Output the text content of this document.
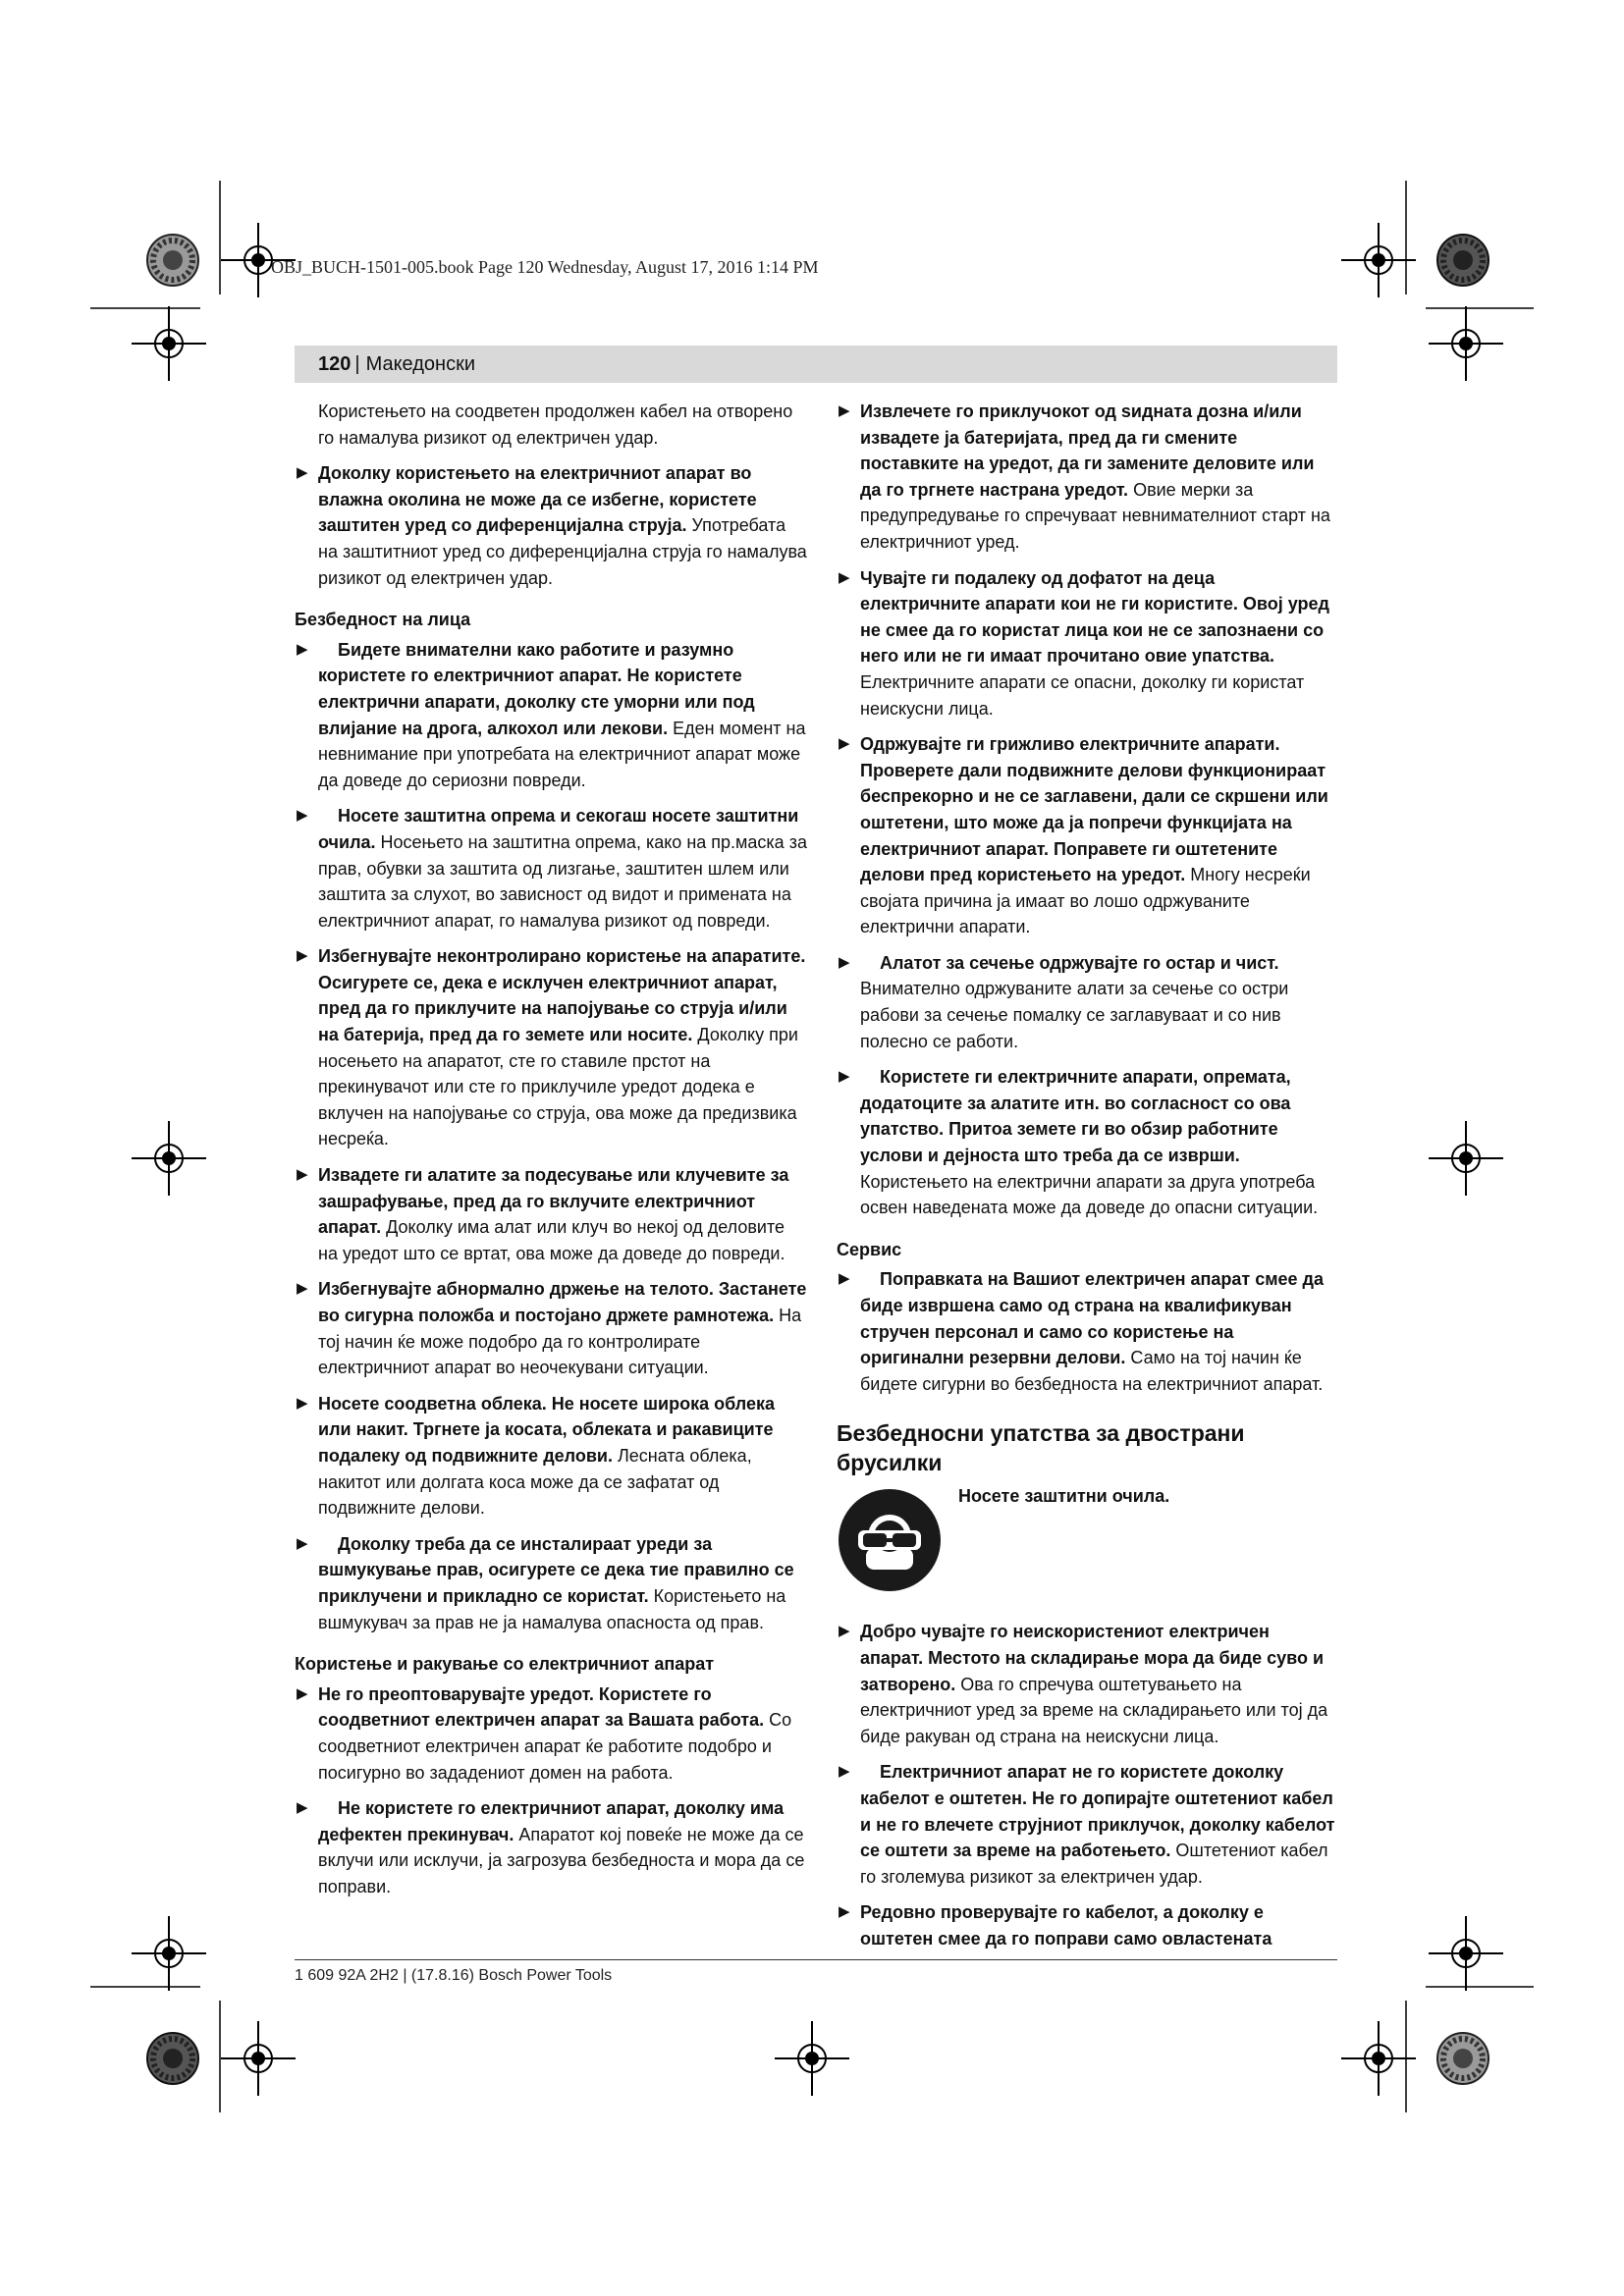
OBJ_BUCH-1501-005.book Page 120 Wednesday, August 17, 2016 1:14 PM
120 | Македонски

Користењето на соодветен продолжен кабел на отворено го намалува ризикот од електричен удар.

▶ Доколку користењето на електричниот апарат во влажна околина не може да се избегне, користете заштитен уред со диференцијална струја. Употребата на заштитниот уред со диференцијална струја го намалува ризикот од електричен удар.
Безбедност на лица
▶ Бидете внимателни како работите и разумно користете го електричниот апарат. Не користете електрични апарати, доколку сте уморни или под влијание на дрога, алкохол или лекови. Еден момент на невнимание при употребата на електричниот апарат може да доведе до сериозни повреди.
▶ Носете заштитна опрема и секогаш носете заштитни очила. Носењето на заштитна опрема, како на пр.маска за прав, обувки за заштита од лизгање, заштитен шлем или заштита за слухот, во зависност од видот и примената на електричниот апарат, го намалува ризикот од повреди.
▶ Избегнувајте неконтролирано користење на апаратите. Осигурете се, дека е исклучен електричниот апарат, пред да го приклучите на напојување со струја и/или на батерија, пред да го земете или носите. Доколку при носењето на апаратот, сте го ставиле прстот на прекинувачот или сте го приклучиле уредот додека е вклучен на напојување со струја, ова може да предизвика несреќа.
▶ Извадете ги алатите за подесување или клучевите за зашрафување, пред да го вклучите електричниот апарат. Доколку има алат или клуч во некој од деловите на уредот што се вртат, ова може да доведе до повреди.
▶ Избегнувајте абнормално држење на телото. Застанете во сигурна положба и постојано држете рамнотежа. На тој начин ќе може подобро да го контролирате електричниот апарат во неочекувани ситуации.
▶ Носете соодветна облека. Не носете широка облека или накит. Тргнете ја косата, облеката и ракавиците подалеку од подвижните делови. Лесната облека, накитот или долгата коса може да се зафатат од подвижните делови.
▶ Доколку треба да се инсталираат уреди за вшмукување прав, осигурете се дека тие правилно се приклучени и прикладно се користат. Користењето на вшмукувач за прав не ја намалува опасноста од прав.
Користење и ракување со електричниот апарат
▶ Не го преоптоварувајте уредот. Користете го соодветниот електричен апарат за Вашата работа. Со соодветниот електричен апарат ќе работите подобро и посигурно во зададениот домен на работа.
▶ Не користете го електричниот апарат, доколку има дефектен прекинувач. Апаратот кој повеќе не може да се вклучи или исклучи, ја загрозува безбедноста и мора да се поправи.
▶ Извлечете го приклучокот од ѕидната дозна и/или извадете ја батеријата, пред да ги смените поставките на уредот, да ги замените деловите или да го тргнете настрана уредот. Овие мерки за предупредување го спречуваат невнимателниот старт на електричниот уред.
▶ Чувајте ги подалеку од дофатот на деца електричните апарати кои не ги користите. Овој уред не смее да го користат лица кои не се запознаени со него или не ги имаат прочитано овие упатства. Електричните апарати се опасни, доколку ги користат неискусни лица.
▶ Одржувајте ги грижливо електричните апарати. Проверете дали подвижните делови функционираат беспрекорно и не се заглавени, дали се скршени или оштетени, што може да ја попречи функцијата на електричниот апарат. Поправете ги оштетените делови пред користењето на уредот. Многу несреќи својата причина ја имаат во лошо одржуваните електрични апарати.
▶ Алатот за сечење одржувајте го остар и чист. Внимателно одржуваните алати за сечење со остри рабови за сечење помалку се заглавуваат и со нив полесно се работи.
▶ Користете ги електричните апарати, опремата, додатоците за алатите итн. во согласност со ова упатство. Притоа земете ги во обзир работните услови и дејноста што треба да се изврши. Користењето на електрични апарати за друга употреба освен наведената може да доведе до опасни ситуации.
Сервис
▶ Поправката на Вашиот електричен апарат смее да биде извршена само од страна на квалификуван стручен персонал и само со користење на оригинални резервни делови. Само на тој начин ќе бидете сигурни во безбедноста на електричниот апарат.
Безбедносни упатства за двострани брусилки
Носете заштитни очила.
▶ Добро чувајте го неискористениот електричен апарат. Местото на складирање мора да биде суво и затворено. Ова го спречува оштетувањето на електричниот уред за време на складирањето или тој да биде ракуван од страна на неискусни лица.
▶ Електричниот апарат не го користете доколку кабелот е оштетен. Не го допирајте оштетениот кабел и не го влечете струјниот приклучок, доколку кабелот се оштети за време на работењето. Оштетениот кабел го зголемува ризикот за електричен удар.
▶ Редовно проверувајте го кабелот, а доколку е оштетен смее да го поправи само овластената
1 609 92A 2H2 | (17.8.16) Bosch Power Tools
